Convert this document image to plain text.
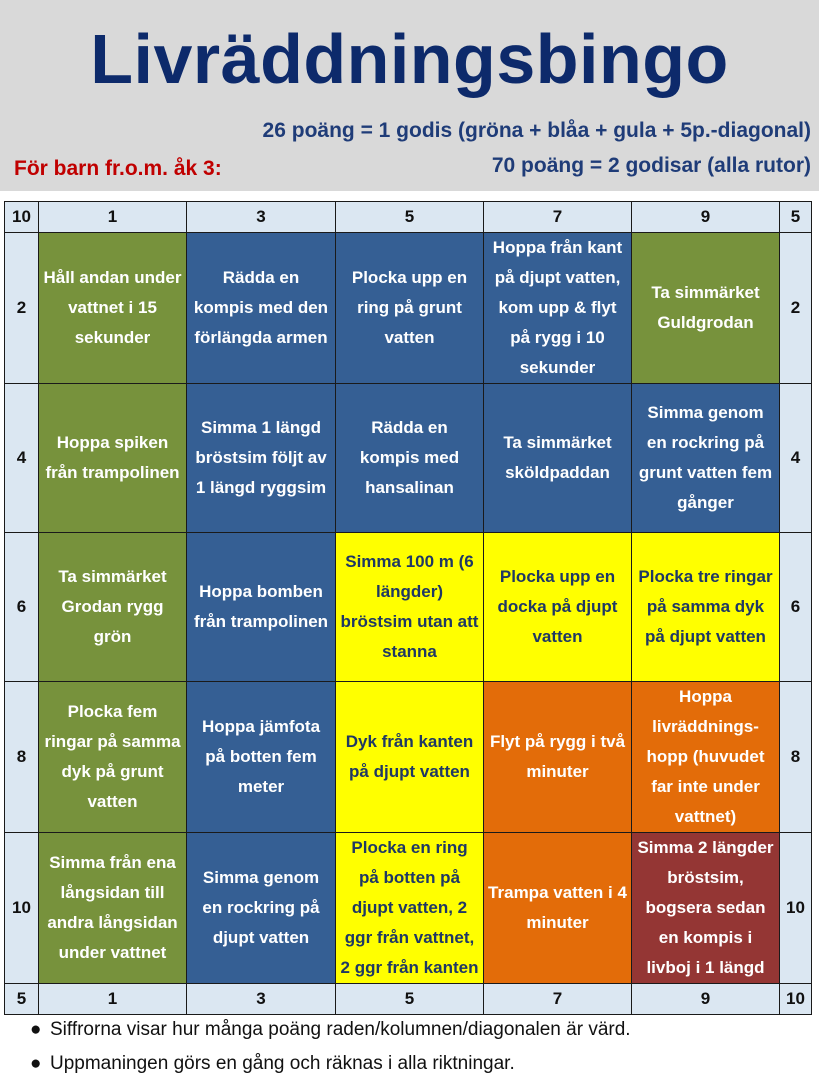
Livräddningsbingo
26 poäng = 1 godis (gröna + blåa + gula + 5p.-diagonal)
För barn fr.o.m. åk 3:	70 poäng = 2 godisar (alla rutor)
10	1	3	5	7	9	5
2	Håll andan under vattnet i 15 sekunder	Rädda en kompis med den förlängda armen	Plocka upp en ring på grunt vatten	Hoppa från kant på djupt vatten, kom upp & flyt på rygg i 10 sekunder	Ta simmärket Guldgrodan	2
4	Hoppa spiken från trampolinen	Simma 1 längd bröstsim följt av 1 längd ryggsim	Rädda en kompis med hansalinan	Ta simmärket sköldpaddan	Simma genom en rockring på grunt vatten fem gånger	4
6	Ta simmärket Grodan rygg grön	Hoppa bomben från trampolinen	Simma 100 m (6 längder) bröstsim utan att stanna	Plocka upp en docka på djupt vatten	Plocka tre ringar på samma dyk på djupt vatten	6
8	Plocka fem ringar på samma dyk på grunt vatten	Hoppa jämfota på botten fem meter	Dyk från kanten på djupt vatten	Flyt på rygg i två minuter	Hoppa livräddnings-hopp (huvudet far inte under vattnet)	8
10	Simma från ena långsidan till andra långsidan under vattnet	Simma genom en rockring på djupt vatten	Plocka en ring på botten på djupt vatten, 2 ggr från vattnet, 2 ggr från kanten	Trampa vatten i 4 minuter	Simma 2 längder bröstsim, bogsera sedan en kompis i livboj i 1 längd	10
5	1	3	5	7	9	10
● Siffrorna visar hur många poäng raden/kolumnen/diagonalen är värd.
● Uppmaningen görs en gång och räknas i alla riktningar.
